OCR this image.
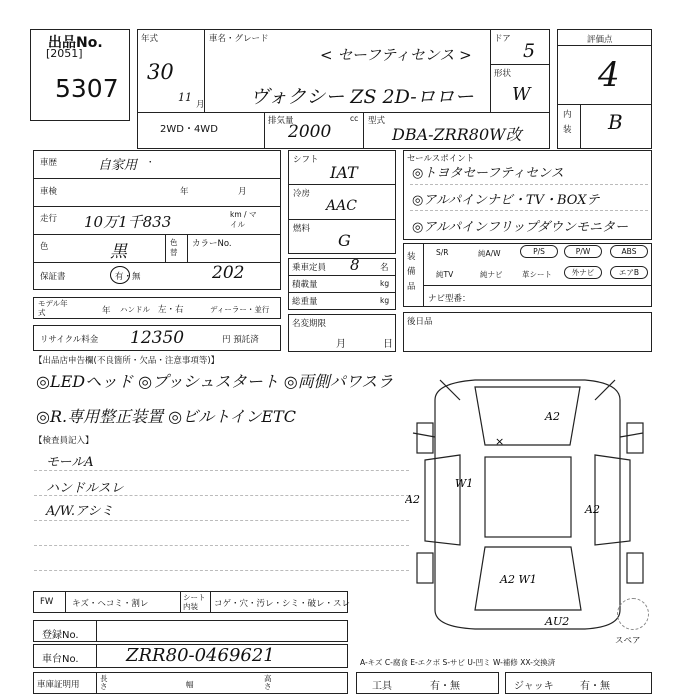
出品No.
[2051]
5307
年式
30
11
月
車名・グレード
< セーフティセンス >
ヴォクシー ZS 2D-ロロー
ドア
5
形状
W
2WD・4WD
排気量
2000
cc 型式
DBA-ZRR80W改
評価点
4
内装 B
車歴	自家用 ・
車検	年	月
走行 10万1千833	km / マイル
色	黒	色替
カラーNo.
202
保証書	有・無
モデル年式	年 ハンドル 左・右	ディーラー・並行
リサイクル料金 12350	円 預託済
シフト
IAT
冷房
AAC
燃料
G
乗車定員 8 名
積載量	kg
総重量	kg
名変期限
月	日
セールスポイント
◎トヨタセーフティセンス
◎アルパインナビ・TV・BOXテ
◎アルパインフリップダウンモニター
装備品
S/R	純A/W	P/S	P/W	ABS
純TV	純ナビ	革シート	外ナビ	エアB
ナビ型番：
後日品
【出品店申告欄(不良箇所・欠品・注意事項等)】
◎LEDヘッド ◎プッシュスタート ◎両側パワスラ
◎R.専用整正装置 ◎ビルトインETC
【検査員記入】
モールA
ハンドルスレ
A/W.アシミ
×
A2
A2
A2
W1
A2 W1
AU2
スペア
FW キズ・ヘコミ・割レ
シート内装	コゲ・穴・汚レ・シミ・破レ・スレ
登録No.
車台No.	ZRR80-0469621
車庫証明用
長さ	幅
高さ
A-キズ C-腐食 E-エクボ S-サビ U-凹ミ W-補修 XX-交換済
工具	有・無	ジャッキ	有・無
